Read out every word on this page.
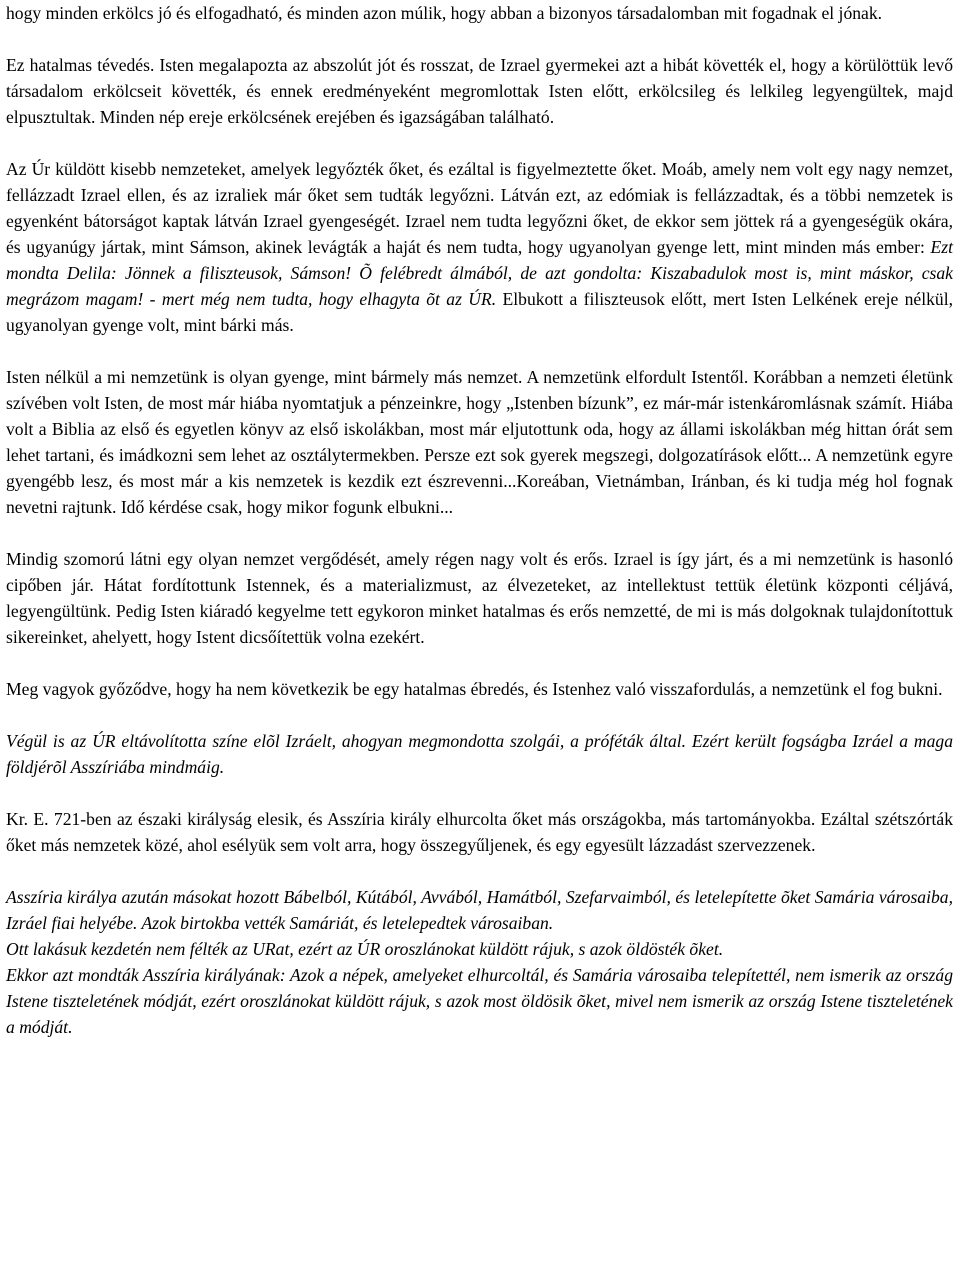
hogy minden erkölcs jó és elfogadható, és minden azon múlik, hogy abban a bizonyos társadalomban mit fogadnak el jónak.

Ez hatalmas tévedés. Isten megalapozta az abszolút jót és rosszat, de Izrael gyermekei azt a hibát követték el, hogy a körülöttük levő társadalom erkölcseit követték, és ennek eredményeként megromlottak Isten előtt, erkölcsileg és lelkileg legyengültek, majd elpusztultak. Minden nép ereje erkölcsének erejében és igazságában található.

Az Úr küldött kisebb nemzeteket, amelyek legyőzték őket, és ezáltal is figyelmeztette őket. Moáb, amely nem volt egy nagy nemzet, fellázzadt Izrael ellen, és az izraliek már őket sem tudták legyőzni. Látván ezt, az edómiak is fellázzadtak, és a többi nemzetek is egyenként bátorságot kaptak látván Izrael gyengeségét. Izrael nem tudta legyőzni őket, de ekkor sem jöttek rá a gyengeségük okára, és ugyanúgy jártak, mint Sámson, akinek levágták a haját és nem tudta, hogy ugyanolyan gyenge lett, mint minden más ember: Ezt mondta Delila: Jönnek a filiszteusok, Sámson! Õ felébredt álmából, de azt gondolta: Kiszabadulok most is, mint máskor, csak megrázom magam! - mert még nem tudta, hogy elhagyta õt az ÚR. Elbukott a filiszteusok előtt, mert Isten Lelkének ereje nélkül, ugyanolyan gyenge volt, mint bárki más.

Isten nélkül a mi nemzetünk is olyan gyenge, mint bármely más nemzet. A nemzetünk elfordult Istentől. Korábban a nemzeti életünk szívében volt Isten, de most már hiába nyomtatjuk a pénzeinkre, hogy „Istenben bízunk”, ez már-már istenkáromlásnak számít. Hiába volt a Biblia az első és egyetlen könyv az első iskolákban, most már eljutottunk oda, hogy az állami iskolákban még hittan órát sem lehet tartani, és imádkozni sem lehet az osztálytermekben. Persze ezt sok gyerek megszegi, dolgozatírások előtt... A nemzetünk egyre gyengébb lesz, és most már a kis nemzetek is kezdik ezt észrevenni...Koreában, Vietnámban, Iránban, és ki tudja még hol fognak nevetni rajtunk. Idő kérdése csak, hogy mikor fogunk elbukni...

Mindig szomorú látni egy olyan nemzet vergődését, amely régen nagy volt és erős. Izrael is így járt, és a mi nemzetünk is hasonló cipőben jár. Hátat fordítottunk Istennek, és a materializmust, az élvezeteket, az intellektust tettük életünk központi céljává, legyengültünk. Pedig Isten kiáradó kegyelme tett egykoron minket hatalmas és erős nemzetté, de mi is más dolgoknak tulajdonítottuk sikereinket, ahelyett, hogy Istent dicsőítettük volna ezekért.

Meg vagyok győződve, hogy ha nem következik be egy hatalmas ébredés, és Istenhez való visszafordulás, a nemzetünk el fog bukni.

Végül is az ÚR eltávolította színe elõl Izráelt, ahogyan megmondotta szolgái, a próféták által. Ezért került fogságba Izráel a maga földjérõl Asszíriába mindmáig.

Kr. E. 721-ben az északi királyság elesik, és Asszíria király elhurcolta őket más országokba, más tartományokba. Ezáltal szétszórták őket más nemzetek közé, ahol esélyük sem volt arra, hogy összegyűljenek, és egy egyesült lázzadást szervezzenek.

Asszíria királya azután másokat hozott Bábelból, Kútából, Avvából, Hamátból, Szefarvaimból, és letelepítette õket Samária városaiba, Izráel fiai helyébe. Azok birtokba vették Samáriát, és letelepedtek városaiban.

Ott lakásuk kezdetén nem félték az URat, ezért az ÚR oroszlánokat küldött rájuk, s azok öldösték õket.

Ekkor azt mondták Asszíria királyának: Azok a népek, amelyeket elhurcoltál, és Samária városaiba telepítettél, nem ismerik az ország Istene tiszteletének módját, ezért oroszlánokat küldött rájuk, s azok most öldösik õket, mivel nem ismerik az ország Istene tiszteletének a módját.
